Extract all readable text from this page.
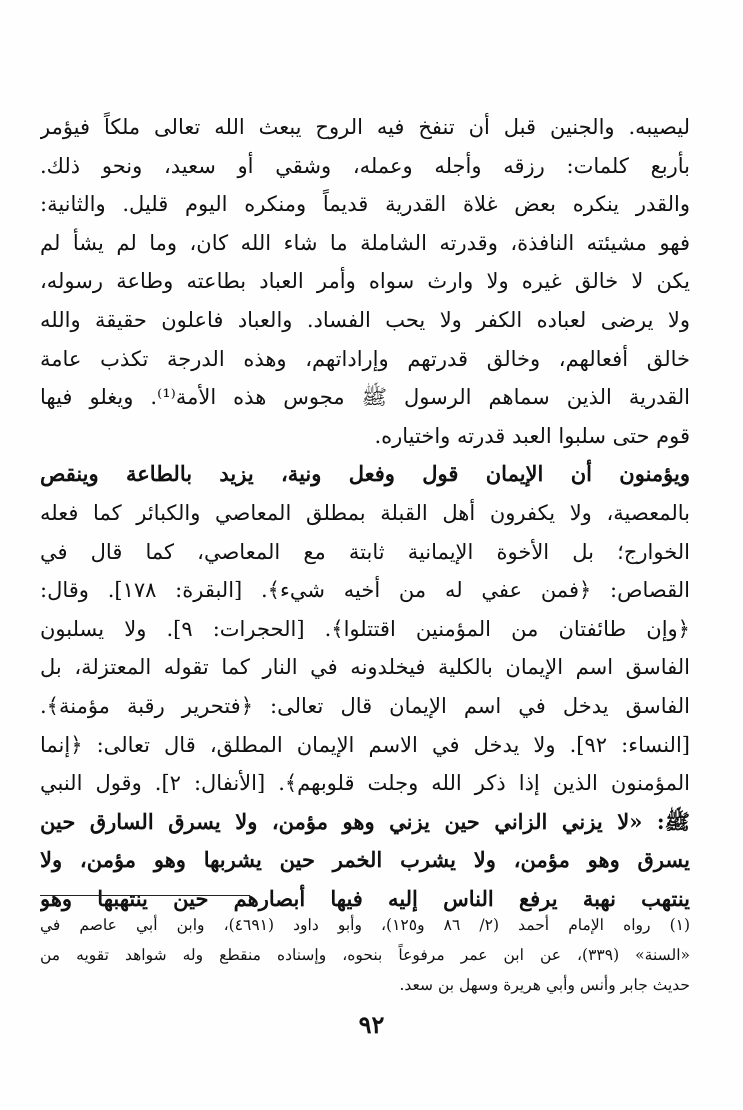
ليصيبه. والجنين قبل أن تنفخ فيه الروح يبعث الله تعالى ملكاً فيؤمر
بأربع كلمات: رزقه وأجله وعمله، وشقي أو سعيد، ونحو ذلك.
والقدر ينكره بعض غلاة القدرية قديماً ومنكره اليوم قليل. والثانية:
فهو مشيئته النافذة، وقدرته الشاملة ما شاء الله كان، وما لم يشأ لم
يكن لا خالق غيره ولا وارث سواه وأمر العباد بطاعته وطاعة رسوله،
ولا يرضى لعباده الكفر ولا يحب الفساد. والعباد فاعلون حقيقة والله
خالق أفعالهم، وخالق قدرتهم وإراداتهم، وهذه الدرجة تكذب عامة
القدرية الذين سماهم الرسول ﷺ مجوس هذه الأمة⁽¹⁾. ويغلو فيها
قوم حتى سلبوا العبد قدرته واختياره.
ويؤمنون أن الإيمان قول وفعل ونية، يزيد بالطاعة وينقص
بالمعصية، ولا يكفرون أهل القبلة بمطلق المعاصي والكبائر كما فعله
الخوارج؛ بل الأخوة الإيمانية ثابتة مع المعاصي، كما قال في
القصاص: ﴿فمن عفي له من أخيه شيء﴾. [البقرة: ١٧٨]. وقال:
﴿وإن طائفتان من المؤمنين اقتتلوا﴾. [الحجرات: ٩]. ولا يسلبون
الفاسق اسم الإيمان بالكلية فيخلدونه في النار كما تقوله المعتزلة، بل
الفاسق يدخل في اسم الإيمان قال تعالى: ﴿فتحرير رقبة مؤمنة﴾.
[النساء: ٩٢]. ولا يدخل في الاسم الإيمان المطلق، قال تعالى: ﴿إنما
المؤمنون الذين إذا ذكر الله وجلت قلوبهم﴾. [الأنفال: ٢]. وقول النبي
ﷺ: «لا يزني الزاني حين يزني وهو مؤمن، ولا يسرق السارق حين
يسرق وهو مؤمن، ولا يشرب الخمر حين يشربها وهو مؤمن، ولا
ينتهب نهبة يرفع الناس إليه فيها أبصارهم حين ينتهبها وهو
(١) رواه الإمام أحمد (٢/ ٨٦ و١٢٥)، وأبو داود (٤٦٩١)، وابن أبي عاصم في
«السنة» (٣٣٩)، عن ابن عمر مرفوعاً بنحوه، وإسناده منقطع وله شواهد تقويه من
حديث جابر وأنس وأبي هريرة وسهل بن سعد.
٩٢
